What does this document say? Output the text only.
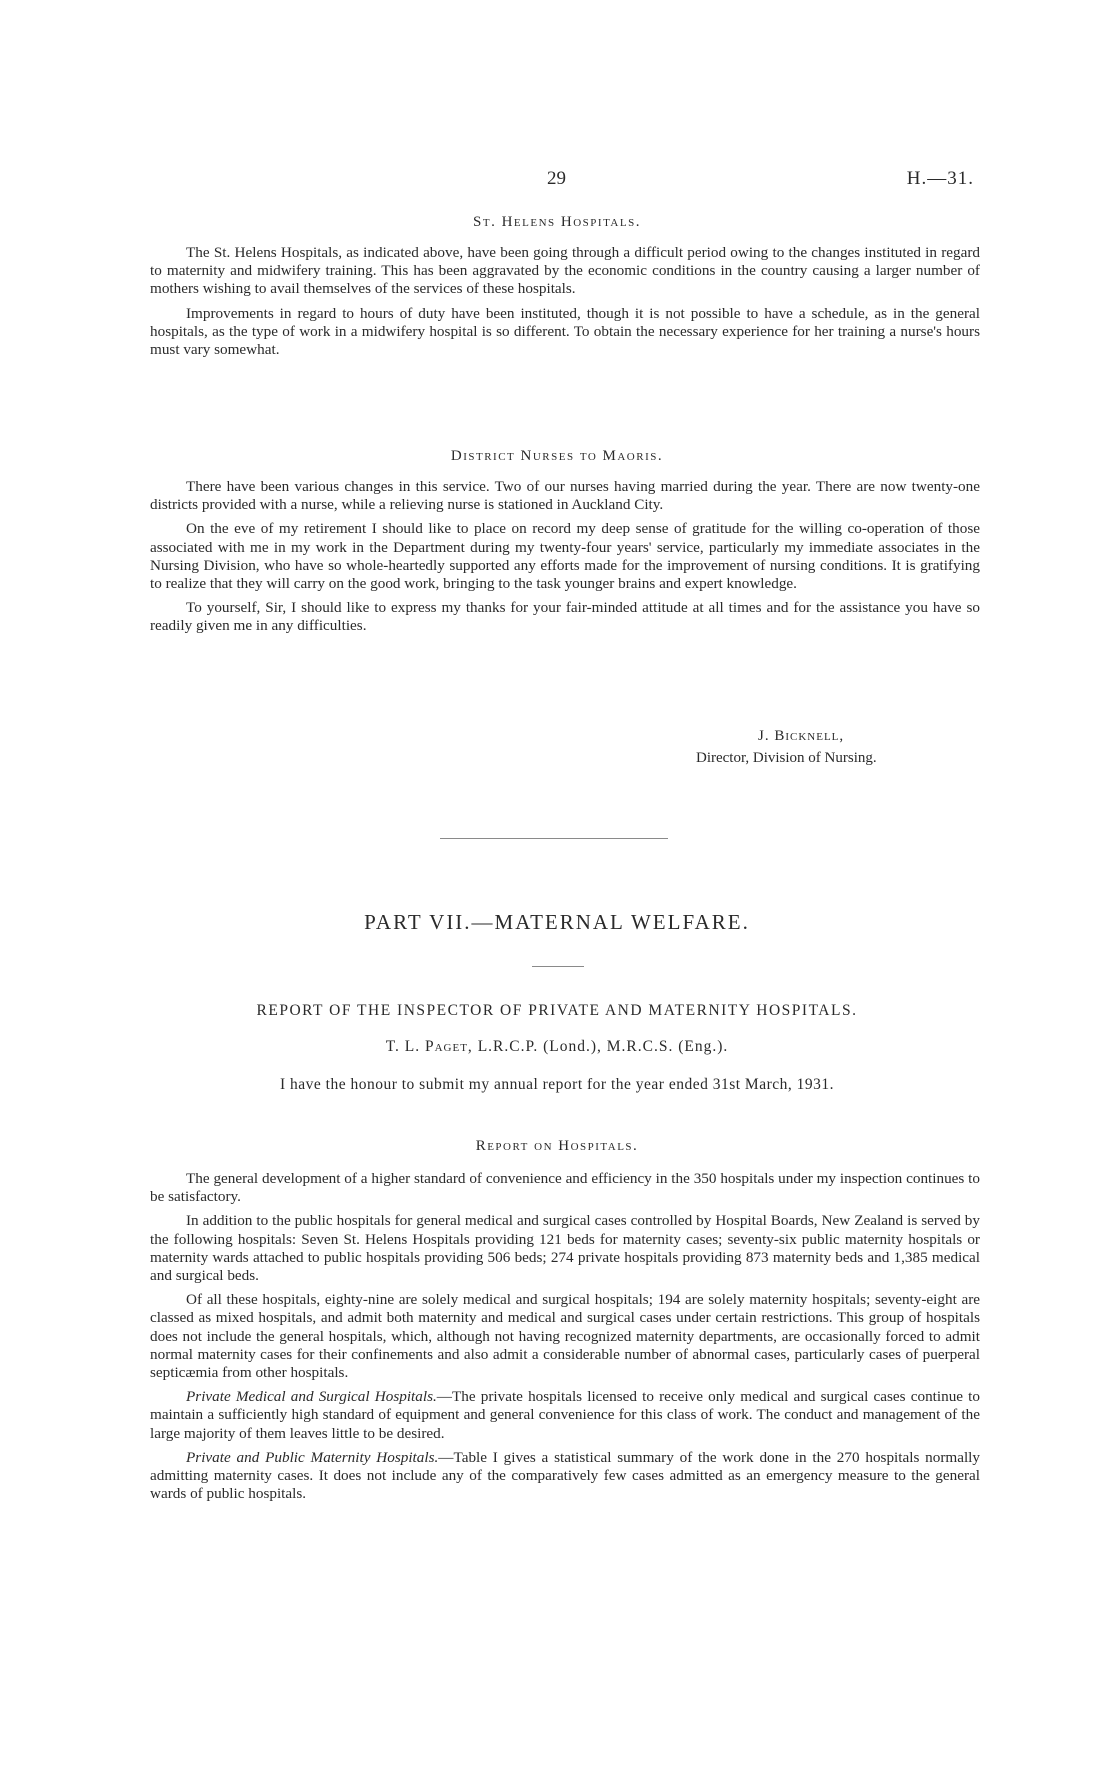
29	H.—31.
St. Helens Hospitals.

The St. Helens Hospitals, as indicated above, have been going through a difficult period owing to the changes instituted in regard to maternity and midwifery training. This has been aggravated by the economic conditions in the country causing a larger number of mothers wishing to avail themselves of the services of these hospitals.

Improvements in regard to hours of duty have been instituted, though it is not possible to have a schedule, as in the general hospitals, as the type of work in a midwifery hospital is so different. To obtain the necessary experience for her training a nurse's hours must vary somewhat.

District Nurses to Maoris.

There have been various changes in this service. Two of our nurses having married during the year. There are now twenty-one districts provided with a nurse, while a relieving nurse is stationed in Auckland City.

On the eve of my retirement I should like to place on record my deep sense of gratitude for the willing co-operation of those associated with me in my work in the Department during my twenty-four years' service, particularly my immediate associates in the Nursing Division, who have so whole-heartedly supported any efforts made for the improvement of nursing conditions. It is gratifying to realize that they will carry on the good work, bringing to the task younger brains and expert knowledge.

To yourself, Sir, I should like to express my thanks for your fair-minded attitude at all times and for the assistance you have so readily given me in any difficulties.

J. Bicknell,
Director, Division of Nursing.
PART VII.—MATERNAL WELFARE.
REPORT OF THE INSPECTOR OF PRIVATE AND MATERNITY HOSPITALS.
T. L. Paget, L.R.C.P. (Lond.), M.R.C.S. (Eng.).
I have the honour to submit my annual report for the year ended 31st March, 1931.
Report on Hospitals.

The general development of a higher standard of convenience and efficiency in the 350 hospitals under my inspection continues to be satisfactory.

In addition to the public hospitals for general medical and surgical cases controlled by Hospital Boards, New Zealand is served by the following hospitals: Seven St. Helens Hospitals providing 121 beds for maternity cases; seventy-six public maternity hospitals or maternity wards attached to public hospitals providing 506 beds; 274 private hospitals providing 873 maternity beds and 1,385 medical and surgical beds.

Of all these hospitals, eighty-nine are solely medical and surgical hospitals; 194 are solely maternity hospitals; seventy-eight are classed as mixed hospitals, and admit both maternity and medical and surgical cases under certain restrictions. This group of hospitals does not include the general hospitals, which, although not having recognized maternity departments, are occasionally forced to admit normal maternity cases for their confinements and also admit a considerable number of abnormal cases, particularly cases of puerperal septicæmia from other hospitals.

Private Medical and Surgical Hospitals.—The private hospitals licensed to receive only medical and surgical cases continue to maintain a sufficiently high standard of equipment and general convenience for this class of work. The conduct and management of the large majority of them leaves little to be desired.

Private and Public Maternity Hospitals.—Table I gives a statistical summary of the work done in the 270 hospitals normally admitting maternity cases. It does not include any of the comparatively few cases admitted as an emergency measure to the general wards of public hospitals.
